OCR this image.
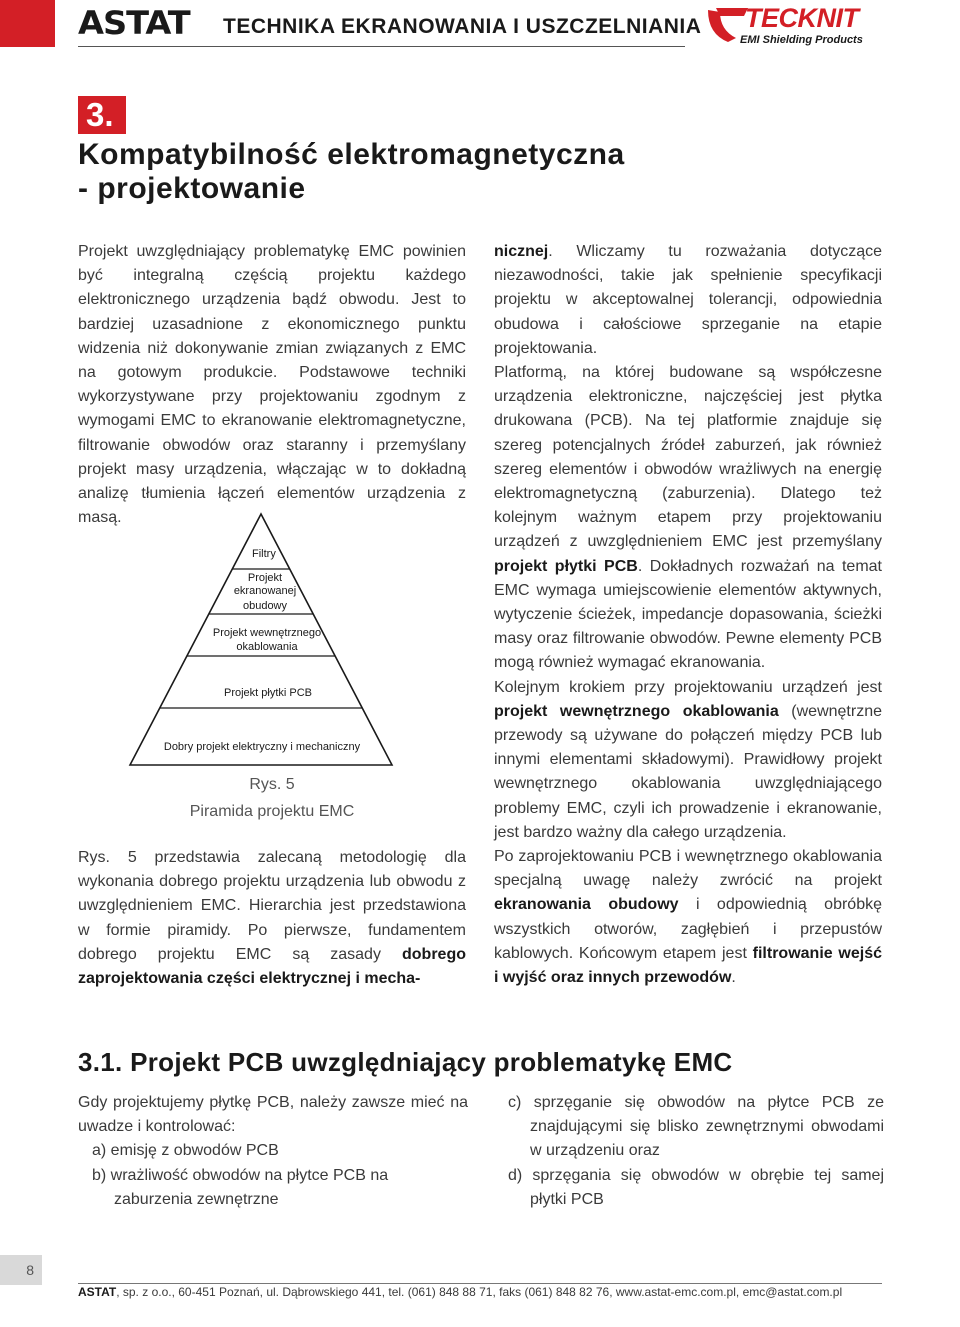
ASTAT TECHNIKA EKRANOWANIA I USZCZELNIANIA TECKNIT
EMI Shielding Products
3.
Kompatybilność elektromagnetyczna
- projektowanie

Projekt uwzględniający problematykę EMC powinien być integralną częścią projektu każdego elektronicznego urządzenia bądź obwodu. Jest to bardziej uzasadnione z ekonomicznego punktu widzenia niż dokonywanie zmian związanych z EMC na gotowym produkcie. Podstawowe techniki wykorzystywane przy projektowaniu zgodnym z wymogami EMC to ekranowanie elektromagnetyczne, filtrowanie obwodów oraz staranny i przemyślany projekt masy urządzenia, włączając w to dokładną analizę tłumienia łączeń elementów urządzenia z masą.

Filtry
Projekt
ekranowanej
obudowy
Projekt wewnętrznego
okablowania
Projekt płytki PCB
Dobry projekt elektryczny i mechaniczny
Rys. 5
Piramida projektu EMC

Rys. 5 przedstawia zalecaną metodologię dla wykonania dobrego projektu urządzenia lub obwodu z uwzględnieniem EMC. Hierarchia jest przedstawiona w formie piramidy. Po pierwsze, fundamentem dobrego projektu EMC są zasady dobrego zaprojektowania części elektrycznej i mecha-

nicznej. Wliczamy tu rozważania dotyczące niezawodności, takie jak spełnienie specyfikacji projektu w akceptowalnej tolerancji, odpowiednia obudowa i całościowe sprzeganie na etapie projektowania.

Platformą, na której budowane są współczesne urządzenia elektroniczne, najczęściej jest płytka drukowana (PCB). Na tej platformie znajduje się szereg potencjalnych źródeł zaburzeń, jak również szereg elementów i obwodów wrażliwych na energię elektromagnetyczną (zaburzenia). Dlatego też kolejnym ważnym etapem przy projektowaniu urządzeń z uwzględnieniem EMC jest przemyślany projekt płytki PCB. Dokładnych rozważań na temat EMC wymaga umiejscowienie elementów aktywnych, wytyczenie ścieżek, impedancje dopasowania, ścieżki masy oraz filtrowanie obwodów. Pewne elementy PCB mogą również wymagać ekranowania.

Kolejnym krokiem przy projektowaniu urządzeń jest projekt wewnętrznego okablowania (wewnętrzne przewody są używane do połączeń między PCB lub innymi elementami składowymi). Prawidłowy projekt wewnętrznego okablowania uwzględniającego problemy EMC, czyli ich prowadzenie i ekranowanie, jest bardzo ważny dla całego urządzenia.

Po zaprojektowaniu PCB i wewnętrznego okablowania specjalną uwagę należy zwrócić na projekt ekranowania obudowy i odpowiednią obróbkę wszystkich otworów, zagłębień i przepustów kablowych. Końcowym etapem jest filtrowanie wejść i wyjść oraz innych przewodów.

3.1. Projekt PCB uwzględniający problematykę EMC

Gdy projektujemy płytkę PCB, należy zawsze mieć na uwadze i kontrolować:

a) emisję z obwodów PCB

b) wrażliwość obwodów na płytce PCB na zaburzenia zewnętrzne

c) sprzęganie się obwodów na płytce PCB ze znajdującymi się blisko zewnętrznymi obwodami w urządzeniu oraz

d) sprzęgania się obwodów w obrębie tej samej płytki PCB

8
ASTAT, sp. z o.o., 60-451 Poznań, ul. Dąbrowskiego 441, tel. (061) 848 88 71, faks (061) 848 82 76, www.astat-emc.com.pl, emc@astat.com.pl
